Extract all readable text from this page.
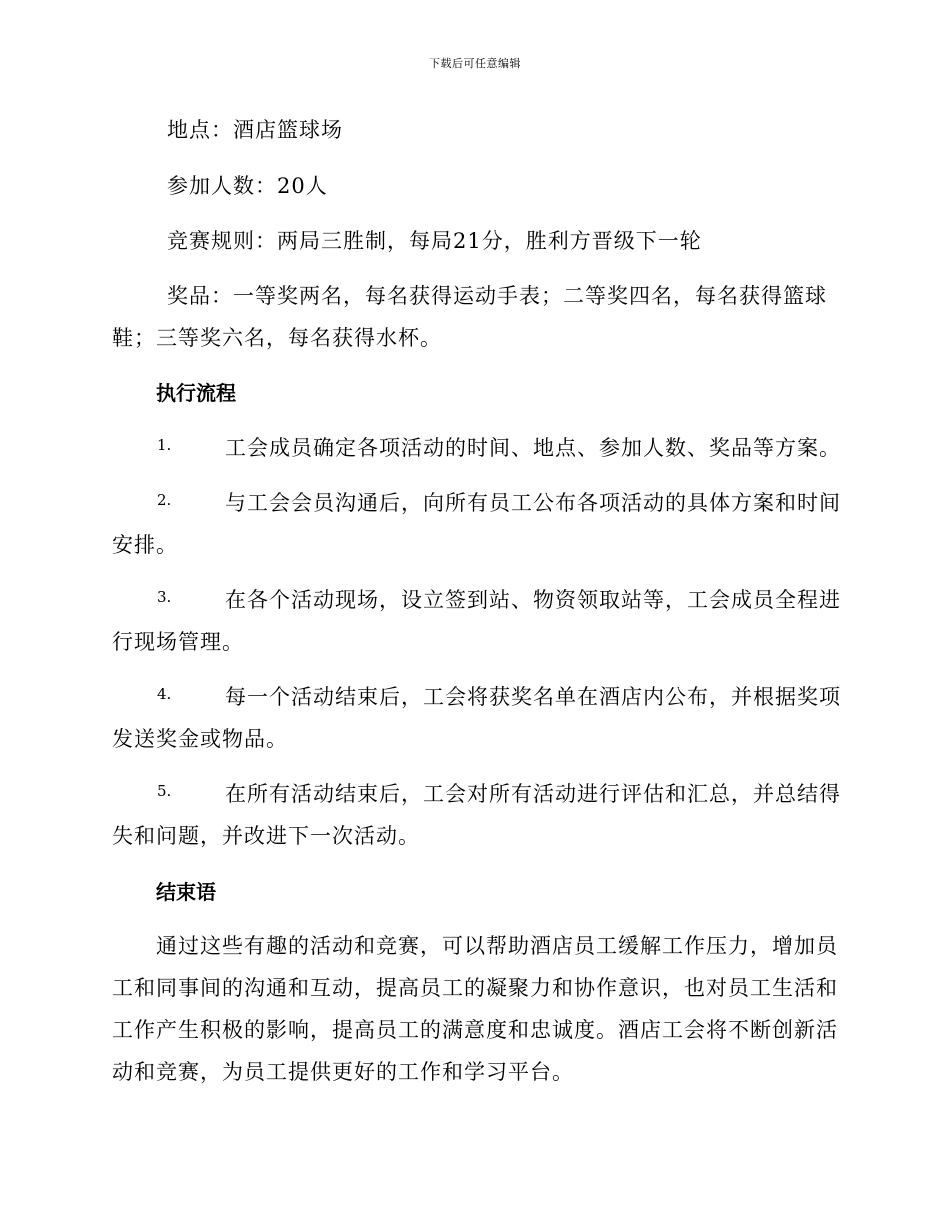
下载后可任意编辑
地点：酒店篮球场
参加人数：20人
竞赛规则：两局三胜制，每局21分，胜利方晋级下一轮
奖品：一等奖两名，每名获得运动手表；二等奖四名，每名获得篮球
鞋；三等奖六名，每名获得水杯。
执行流程
1.	工会成员确定各项活动的时间、地点、参加人数、奖品等方案。
2.	与工会会员沟通后，向所有员工公布各项活动的具体方案和时间
安排。
3.	在各个活动现场，设立签到站、物资领取站等，工会成员全程进
行现场管理。
4.	每一个活动结束后，工会将获奖名单在酒店内公布，并根据奖项
发送奖金或物品。
5.	在所有活动结束后，工会对所有活动进行评估和汇总，并总结得
失和问题，并改进下一次活动。
结束语
通过这些有趣的活动和竞赛，可以帮助酒店员工缓解工作压力，增加员
工和同事间的沟通和互动，提高员工的凝聚力和协作意识，也对员工生活和
工作产生积极的影响，提高员工的满意度和忠诚度。酒店工会将不断创新活
动和竞赛，为员工提供更好的工作和学习平台。
